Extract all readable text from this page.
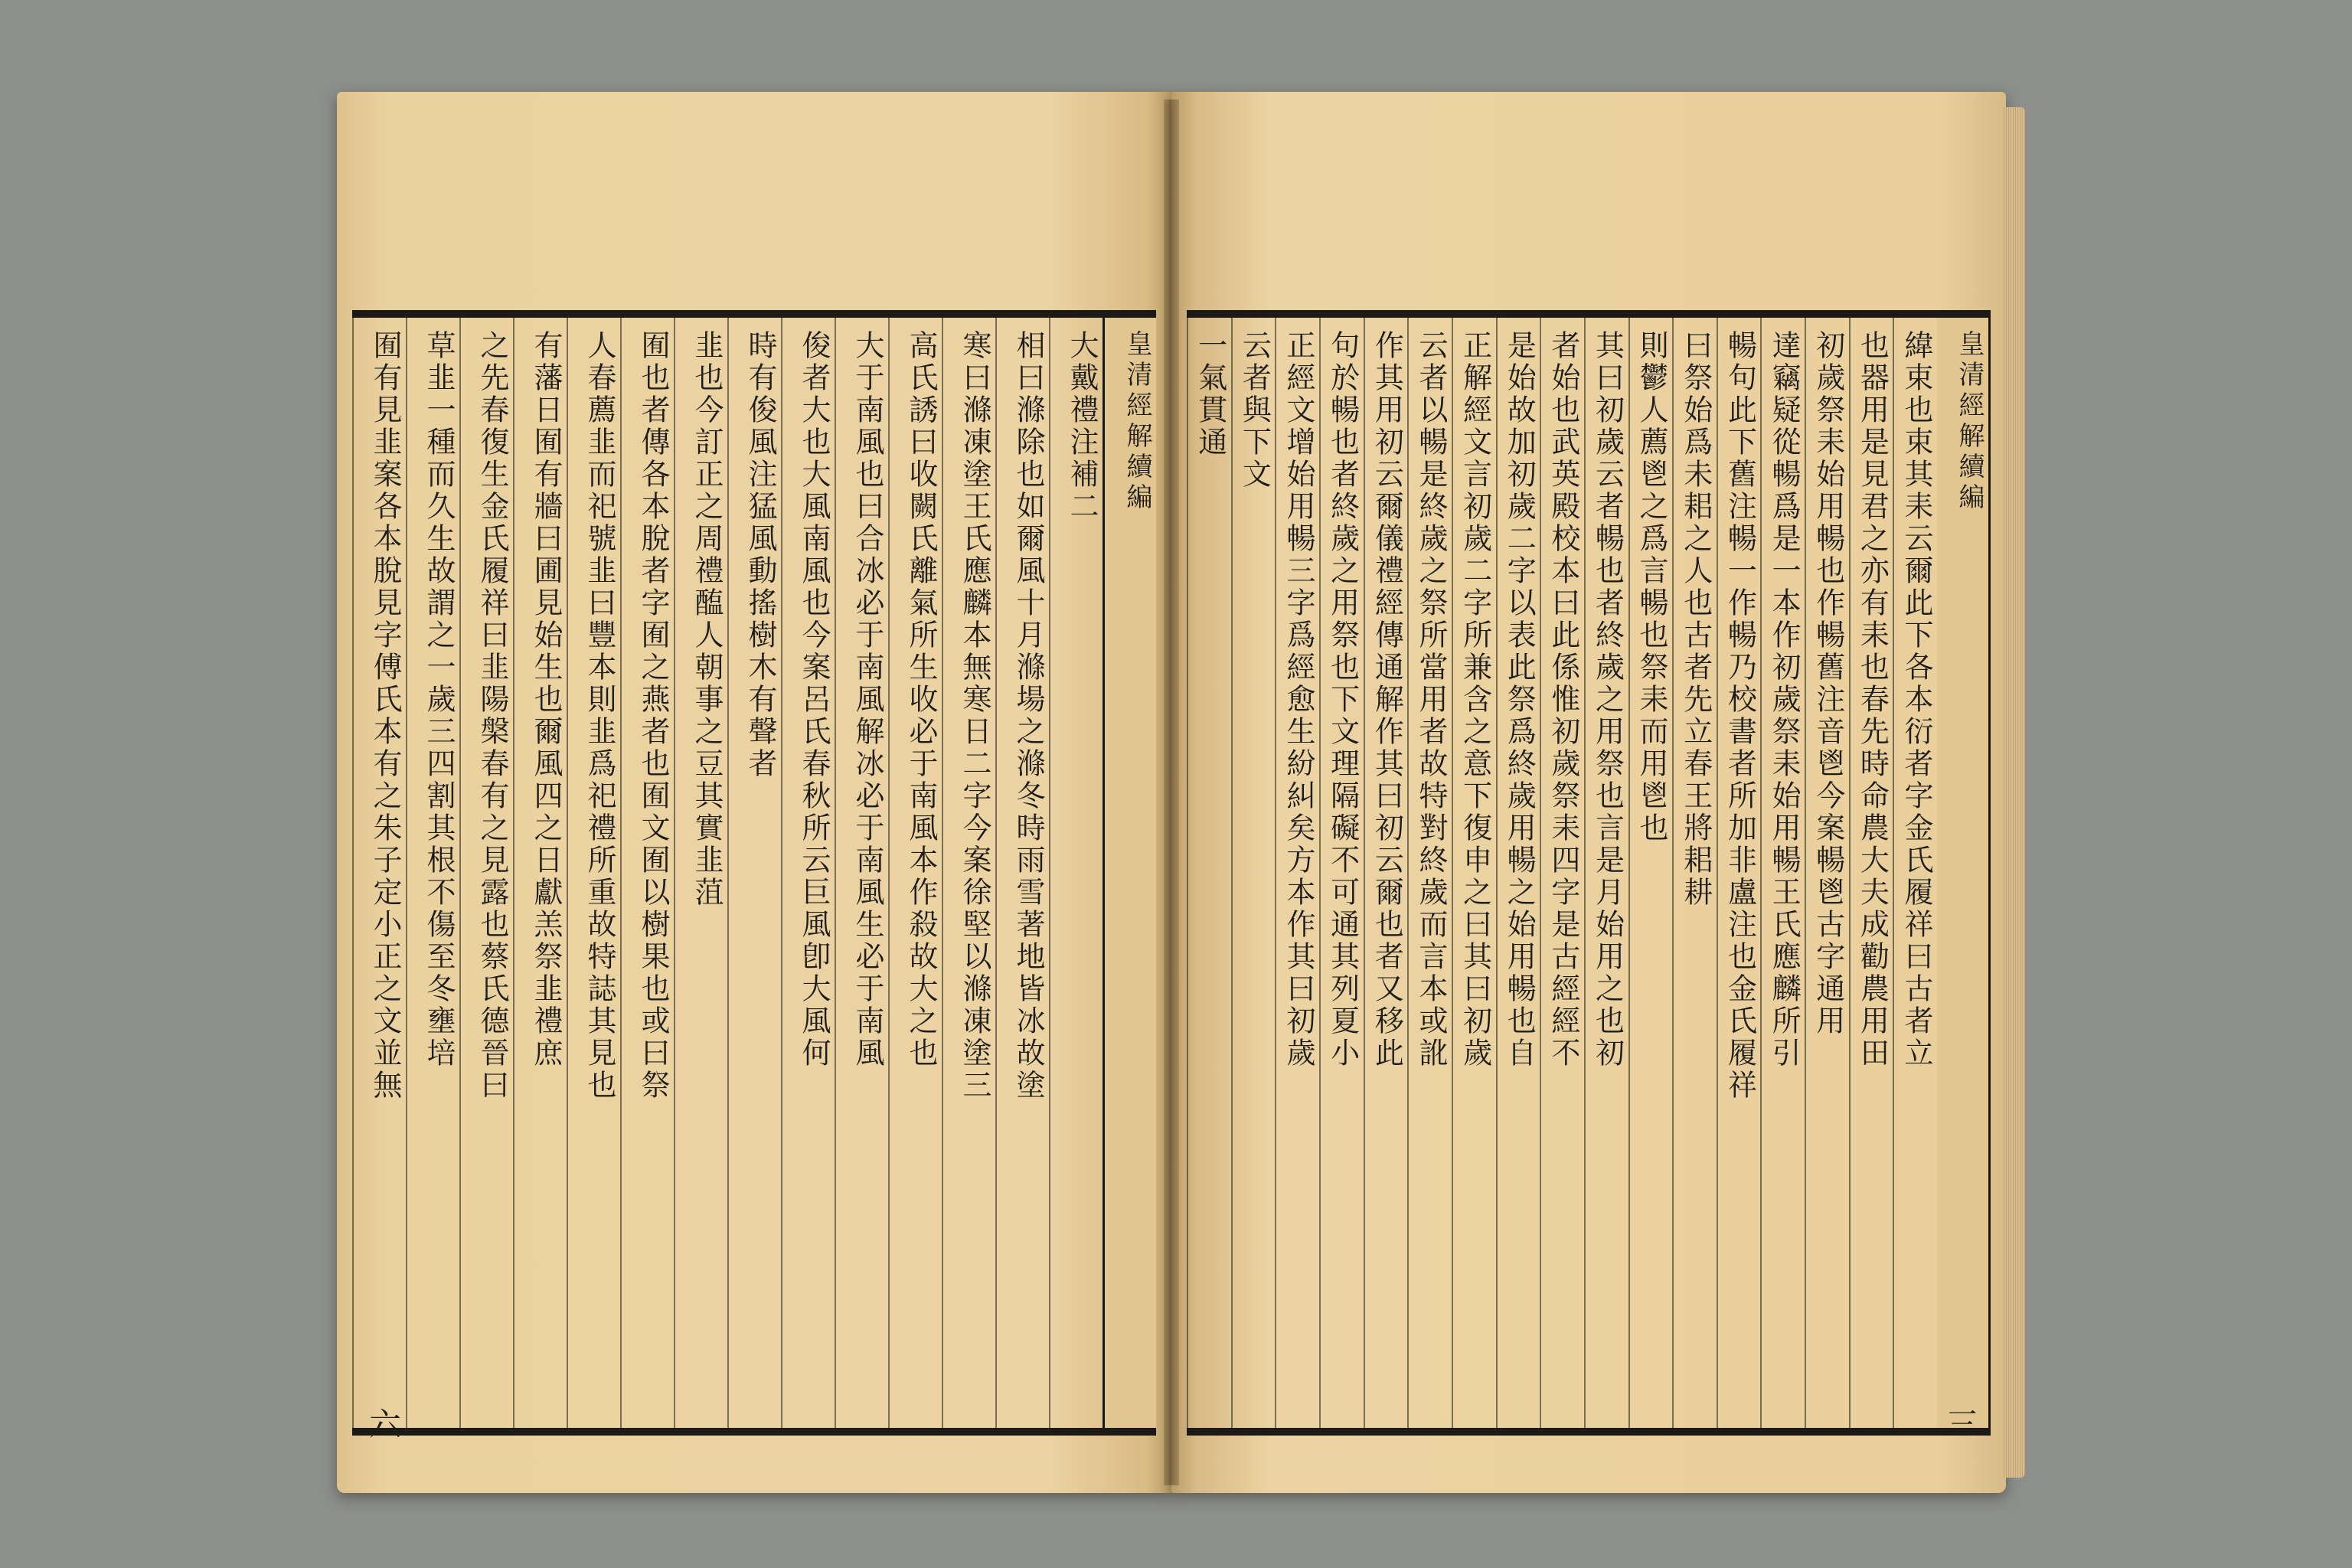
皇清經解續編
大戴禮注補二
相曰滌除也如爾風十月滌場之滌冬時雨雪著地皆冰故塗
寒曰滌凍塗王氏應麟本無寒日二字今案徐堅以滌凍塗三
高氏誘曰收闕氏離氣所生收必于南風本作殺故大之也
大于南風也曰合冰必于南風解冰必于南風生必于南風
俊者大也大風南風也今案呂氏春秋所云巨風卽大風何
時有俊風注猛風動搖樹木有聲者
韭也今訂正之周禮醢人朝事之豆其實韭菹
囿也者傳各本脫者字囿之燕者也囿文囿以樹果也或曰祭
人春薦韭而祀號韭曰豐本則韭爲祀禮所重故特誌其見也
有藩日囿有牆曰圃見始生也爾風四之日獻羔祭韭禮庶
之先春復生金氏履祥曰韭陽槃春有之見露也蔡氏德晉曰
草韭一種而久生故謂之一歲三四割其根不傷至冬壅培
囿有見韭案各本脫見字傅氏本有之朱子定小正之文並無
六
皇清經解續編
緯束也束其耒云爾此下各本衍者字金氏履祥曰古者立
也器用是見君之亦有耒也春先時命農大夫成勸農用田
初歲祭耒始用暢也作暢舊注音鬯今案暢鬯古字通用
達竊疑從暢爲是一本作初歲祭耒始用暢王氏應麟所引
暢句此下舊注暢一作暢乃校書者所加非盧注也金氏履祥
曰祭始爲未耜之人也古者先立春王將耜耕
則鬱人薦鬯之爲言暢也祭耒而用鬯也
其曰初歲云者暢也者終歲之用祭也言是月始用之也初
者始也武英殿校本曰此係惟初歲祭耒四字是古經經不
是始故加初歲二字以表此祭爲終歲用暢之始用暢也自
正解經文言初歲二字所兼含之意下復申之曰其曰初歲
云者以暢是終歲之祭所當用者故特對終歲而言本或訛
作其用初云爾儀禮經傳通解作其曰初云爾也者又移此
句於暢也者終歲之用祭也下文理隔礙不可通其列夏小
正經文增始用暢三字爲經愈生紛糾矣方本作其曰初歲
云者與下文
一氣貫通
三
